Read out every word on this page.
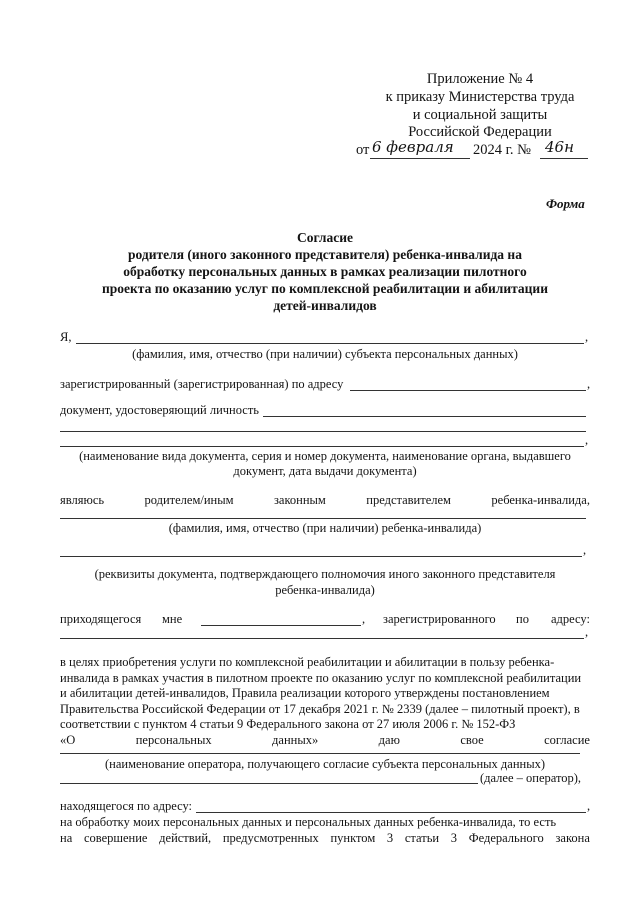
Приложение № 4
к приказу Министерства труда
и социальной защиты
Российской Федерации
от 6 февраля 2024 г. № 46н
Форма
Согласие
родителя (иного законного представителя) ребенка-инвалида на
обработку персональных данных в рамках реализации пилотного
проекта по оказанию услуг по комплексной реабилитации и абилитации
детей-инвалидов
Я,	,
(фамилия, имя, отчество (при наличии) субъекта персональных данных)
зарегистрированный (зарегистрированная) по адресу	,
документ, удостоверяющий личность
,
(наименование вида документа, серия и номер документа, наименование органа, выдавшего
документ, дата выдачи документа)
являюсь	родителем/иным	законным	представителем	ребенка-инвалида,
(фамилия, имя, отчество (при наличии) ребенка-инвалида)
,
(реквизиты документа, подтверждающего полномочия иного законного представителя
ребенка-инвалида)
приходящегося мне	, зарегистрированного по адресу:
,
в целях приобретения услуги по комплексной реабилитации и абилитации в пользу ребенка-
инвалида в рамках участия в пилотном проекте по оказанию услуг по комплексной реабилитации
и абилитации детей-инвалидов, Правила реализации которого утверждены постановлением
Правительства Российской Федерации от 17 декабря 2021 г. № 2339 (далее – пилотный проект), в
соответствии с пунктом 4 статьи 9 Федерального закона от 27 июля 2006 г. № 152-ФЗ
«О	персональных	данных»	даю	свое	согласие
(наименование оператора, получающего согласие субъекта персональных данных)
(далее – оператор),
находящегося по адресу:	,
на обработку моих персональных данных и персональных данных ребенка-инвалида, то есть
на совершение действий, предусмотренных пунктом 3 статьи 3 Федерального закона
